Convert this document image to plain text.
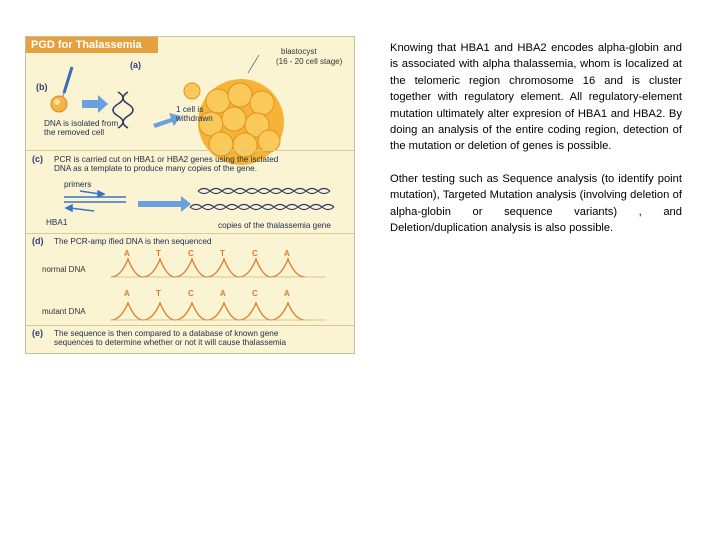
PGD for Thalassemia
(a)
(b)
blastocyst
(16 - 20 cell stage)
1 cell is
withdrawn
DNA is isolated from
the removed cell
(c) PCR is carried cut on HBA1 or HBA2 genes using the isclated
DNA as a template to produce many copies of the gene.
primers
HBA1	copies of the thalassemia gene
(d) The PCR-amp ified DNA is then sequenced
normal DNA
mutant DNA
A	T	C	T	C	A
A	T	C	A	C	A
(e) The sequence is then compared to a database of known gene
sequences to determine whether or not it will cause thalassemia

Knowing that HBA1 and HBA2 encodes alpha-globin and is associated with alpha thalassemia, whom is localized at the telomeric region chromosome 16 and is cluster together with regulatory element. All regulatory-element mutation ultimately alter expresion of HBA1 and HBA2. By doing an analysis of the entire coding region, detection of the mutation or deletion of genes is possible.

Other testing such as Sequence analysis (to identify point mutation), Targeted Mutation analysis (involving deletion of alpha-globin or sequence variants) , and Deletion/duplication analysis is also possible.
